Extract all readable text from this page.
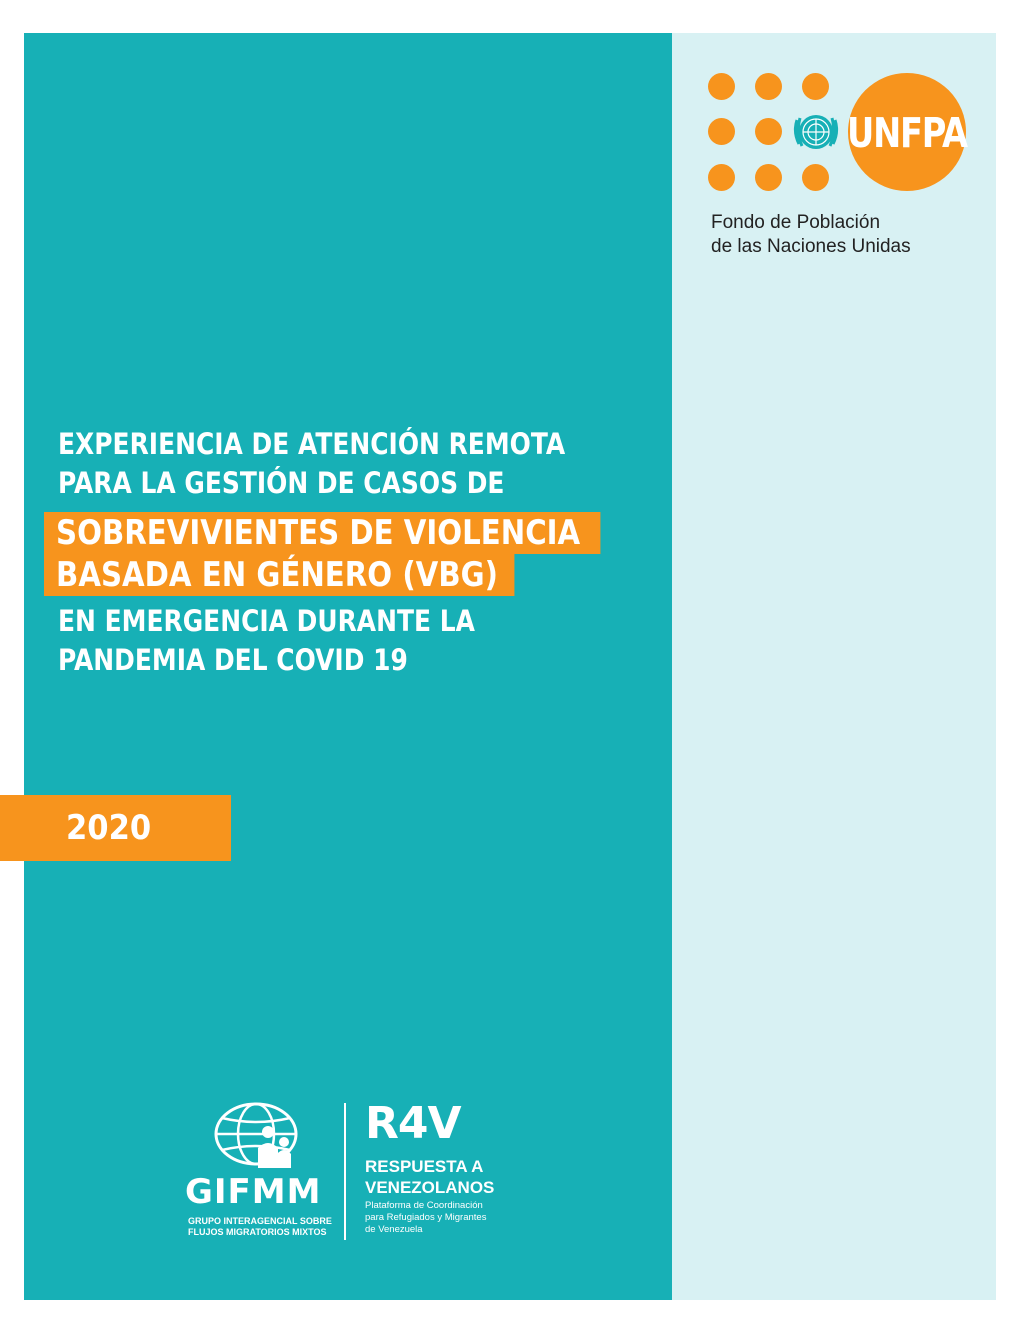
UNFPA
Fondo de Población
de las Naciones Unidas
EXPERIENCIA DE ATENCIÓN REMOTA
PARA LA GESTIÓN DE CASOS DE
SOBREVIVIENTES DE VIOLENCIA
BASADA EN GÉNERO (VBG)
EN EMERGENCIA DURANTE LA
PANDEMIA DEL COVID 19
2020
GIFMM
GRUPO INTERAGENCIAL SOBRE
FLUJOS MIGRATORIOS MIXTOS
R4V
RESPUESTA A
VENEZOLANOS
Plataforma de Coordinación
para Refugiados y Migrantes
de Venezuela
